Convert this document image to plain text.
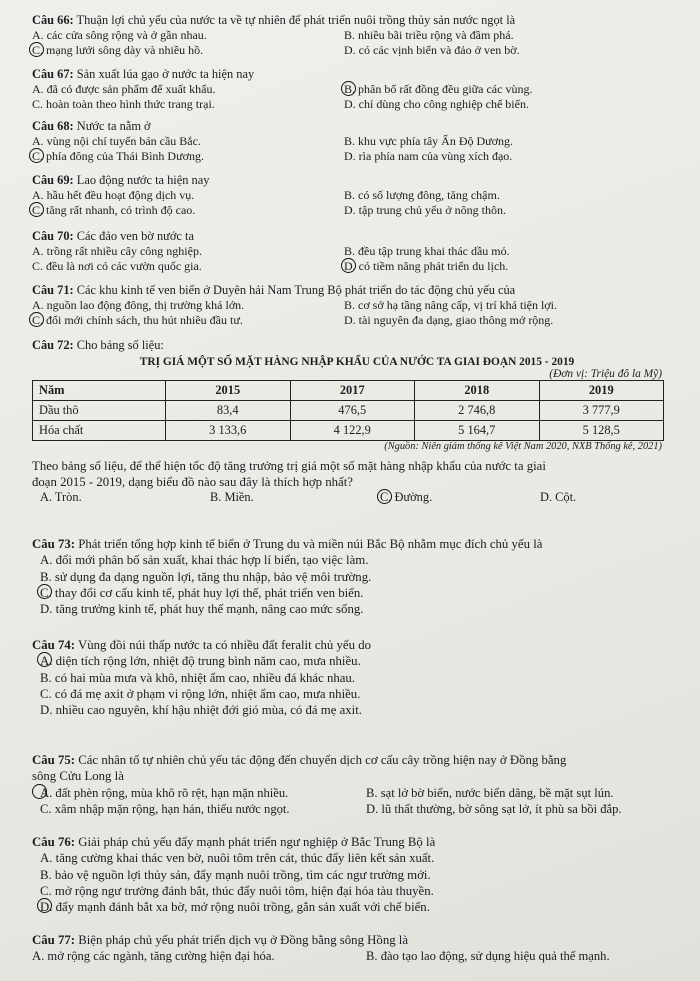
Câu 66: Thuận lợi chủ yếu của nước ta về tự nhiên để phát triển nuôi trồng thủy sản nước ngọt là
A. các cửa sông rộng và ở gần nhau.	B. nhiều bãi triều rộng và đầm phá.
C. mạng lưới sông dày và nhiều hồ.	D. có các vịnh biển và đảo ở ven bờ.
Câu 67: Sản xuất lúa gạo ở nước ta hiện nay
A. đã có được sản phẩm để xuất khẩu.	B. phân bố rất đồng đều giữa các vùng.
C. hoàn toàn theo hình thức trang trại.	D. chỉ dùng cho công nghiệp chế biến.
Câu 68: Nước ta nằm ở
A. vùng nội chí tuyến bán cầu Bắc.	B. khu vực phía tây Ấn Độ Dương.
C. phía đông của Thái Bình Dương.	D. rìa phía nam của vùng xích đạo.
Câu 69: Lao động nước ta hiện nay
A. hầu hết đều hoạt động dịch vụ.	B. có số lượng đông, tăng chậm.
C. tăng rất nhanh, có trình độ cao.	D. tập trung chủ yếu ở nông thôn.
Câu 70: Các đảo ven bờ nước ta
A. trồng rất nhiều cây công nghiệp.	B. đều tập trung khai thác dầu mỏ.
C. đều là nơi có các vườn quốc gia.	D. có tiềm năng phát triển du lịch.
Câu 71: Các khu kinh tế ven biển ở Duyên hải Nam Trung Bộ phát triển do tác động chủ yếu của
A. nguồn lao động đông, thị trường khá lớn.	B. cơ sở hạ tầng nâng cấp, vị trí khá tiện lợi.
C. đổi mới chính sách, thu hút nhiều đầu tư.	D. tài nguyên đa dạng, giao thông mở rộng.
Câu 72: Cho bảng số liệu:
TRỊ GIÁ MỘT SỐ MẶT HÀNG NHẬP KHẨU CỦA NƯỚC TA GIAI ĐOẠN 2015 - 2019
(Đơn vị: Triệu đô la Mỹ)
Năm	2015	2017	2018	2019
Dầu thô	83,4	476,5	2 746,8	3 777,9
Hóa chất	3 133,6	4 122,9	5 164,7	5 128,5
(Nguồn: Niên giám thống kê Việt Nam 2020, NXB Thống kê, 2021)
Theo bảng số liệu, để thể hiện tốc độ tăng trưởng trị giá một số mặt hàng nhập khẩu của nước ta giai
đoạn 2015 - 2019, dạng biểu đồ nào sau đây là thích hợp nhất?
A. Tròn.	B. Miền.	C. Đường.	D. Cột.
Câu 73: Phát triển tổng hợp kinh tế biển ở Trung du và miền núi Bắc Bộ nhằm mục đích chủ yếu là
A. đổi mới phân bố sản xuất, khai thác hợp lí biển, tạo việc làm.
B. sử dụng đa dạng nguồn lợi, tăng thu nhập, bảo vệ môi trường.
C. thay đổi cơ cấu kinh tế, phát huy lợi thế, phát triển ven biển.
D. tăng trưởng kinh tế, phát huy thế mạnh, nâng cao mức sống.
Câu 74: Vùng đồi núi thấp nước ta có nhiều đất feralit chủ yếu do
A. diện tích rộng lớn, nhiệt độ trung bình năm cao, mưa nhiều.
B. có hai mùa mưa và khô, nhiệt ẩm cao, nhiều đá khác nhau.
C. có đá mẹ axit ở phạm vi rộng lớn, nhiệt ẩm cao, mưa nhiều.
D. nhiều cao nguyên, khí hậu nhiệt đới gió mùa, có đá mẹ axit.
Câu 75: Các nhân tố tự nhiên chủ yếu tác động đến chuyển dịch cơ cấu cây trồng hiện nay ở Đồng bằng
sông Cửu Long là
A. đất phèn rộng, mùa khô rõ rệt, hạn mặn nhiều.	B. sạt lở bờ biển, nước biển dâng, bề mặt sụt lún.
C. xâm nhập mặn rộng, hạn hán, thiếu nước ngọt.	D. lũ thất thường, bờ sông sạt lở, ít phù sa bồi đắp.
Câu 76: Giải pháp chủ yếu đẩy mạnh phát triển ngư nghiệp ở Bắc Trung Bộ là
A. tăng cường khai thác ven bờ, nuôi tôm trên cát, thúc đẩy liên kết sản xuất.
B. bảo vệ nguồn lợi thủy sản, đẩy mạnh nuôi trồng, tìm các ngư trường mới.
C. mở rộng ngư trường đánh bắt, thúc đẩy nuôi tôm, hiện đại hóa tàu thuyền.
D. đẩy mạnh đánh bắt xa bờ, mở rộng nuôi trồng, gắn sản xuất với chế biến.
Câu 77: Biện pháp chủ yếu phát triển dịch vụ ở Đồng bằng sông Hồng là
A. mở rộng các ngành, tăng cường hiện đại hóa.	B. đào tạo lao động, sử dụng hiệu quả thế mạnh.
